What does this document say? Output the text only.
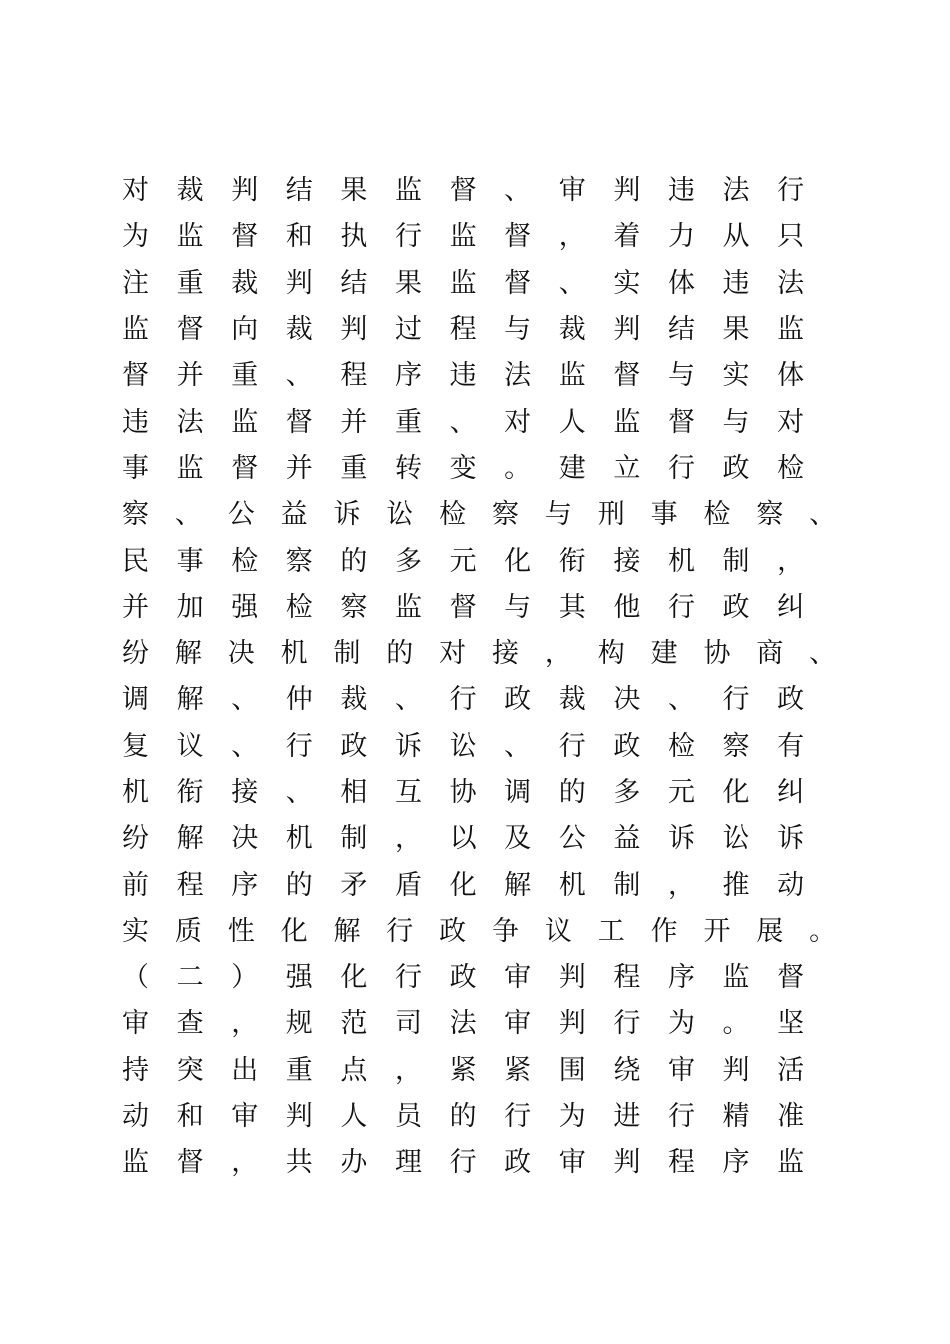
对	裁	判	结	果	监	督	、	审	判	违	法	行
为	监	督	和	执	行	监	督	，	着	力	从	只
注	重	裁	判	结	果	监	督	、	实	体	违	法
监	督	向	裁	判	过	程	与	裁	判	结	果	监
督	并	重	、	程	序	违	法	监	督	与	实	体
违	法	监	督	并	重	、	对	人	监	督	与	对
事	监	督	并	重	转	变	。	建	立	行	政	检
察 、 公 益 诉 讼 检 察 与 刑 事 检 察 、
民	事	检	察	的	多	元	化	衔	接	机	制	，
并	加	强	检	察	监	督	与	其	他	行	政	纠
纷 解 决 机 制 的 对 接 ， 构 建 协 商 、
调	解	、	仲	裁	、	行	政	裁	决	、	行	政
复	议	、	行	政	诉	讼	、	行	政	检	察	有
机	衔	接	、	相	互	协	调	的	多	元	化	纠
纷	解	决	机	制	，	以	及	公	益	诉	讼	诉
前	程	序	的	矛	盾	化	解	机	制	，	推	动
实 质 性 化 解 行 政 争 议 工 作 开 展 。
（	二	）	强	化	行	政	审	判	程	序	监	督
审	查	，	规	范	司	法	审	判	行	为	。	坚
持	突	出	重	点	，	紧	紧	围	绕	审	判	活
动	和	审	判	人	员	的	行	为	进	行	精	准
监	督	，	共	办	理	行	政	审	判	程	序	监
